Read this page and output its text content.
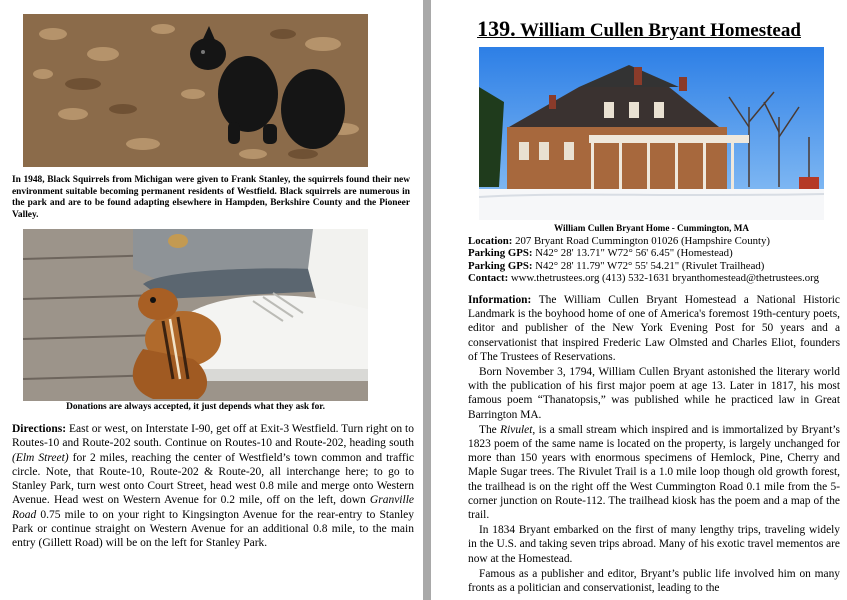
In 1948, Black Squirrels from Michigan were given to Frank Stanley, the squirrels found their new environment suitable becoming permanent residents of Westfield. Black squirrels are numerous in the park and are to be found adapting elsewhere in Hampden, Berkshire County and the Pioneer Valley.
Donations are always accepted, it just depends what they ask for.
Directions: East or west, on Interstate I-90, get off at Exit-3 Westfield. Turn right on to Routes-10 and Route-202 south. Continue on Routes-10 and Route-202, heading south (Elm Street) for 2 miles, reaching the center of Westfield’s town common and traffic circle. Note, that Route-10, Route-202 & Route-20, all interchange here; to go to Stanley Park, turn west onto Court Street, head west 0.8 mile and merge onto Western Avenue. Head west on Western Avenue for 0.2 mile, off on the left, down Granville Road 0.75 mile to on your right to Kingsington Avenue for the rear-entry to Stanley Park or continue straight on Western Avenue for an additional 0.8 mile, to the main entry (Gillett Road) will be on the left for Stanley Park.
139. William Cullen Bryant Homestead
William Cullen Bryant Home - Cummington, MA
Location: 207 Bryant Road Cummington 01026 (Hampshire County)
Parking GPS: N42° 28' 13.71" W72° 56' 6.45" (Homestead)
Parking GPS: N42° 28' 11.79" W72° 55' 54.21" (Rivulet Trailhead)
Contact: www.thetrustees.org (413) 532-1631 bryanthomestead@thetrustees.org

Information: The William Cullen Bryant Homestead a National Historic Landmark is the boyhood home of one of America's foremost 19th-century poets, editor and publisher of the New York Evening Post for 50 years and a conservationist that inspired Frederic Law Olmsted and Charles Eliot, founders of The Trustees of Reservations.

Born November 3, 1794, William Cullen Bryant astonished the literary world with the publication of his first major poem at age 13. Later in 1817, his most famous poem “Thanatopsis,” was published while he practiced law in Great Barrington MA.

The Rivulet, is a small stream which inspired and is immortalized by Bryant’s 1823 poem of the same name is located on the property, is largely unchanged for more than 150 years with enormous specimens of Hemlock, Pine, Cherry and Maple Sugar trees. The Rivulet Trail is a 1.0 mile loop though old growth forest, the trailhead is on the right off the West Cummington Road 0.1 mile from the 5-corner junction on Route-112. The trailhead kiosk has the poem and a map of the trail.

In 1834 Bryant embarked on the first of many lengthy trips, traveling widely in the U.S. and taking seven trips abroad. Many of his exotic travel mementos are now at the Homestead.

Famous as a publisher and editor, Bryant’s public life involved him on many fronts as a politician and conservationist, leading to the
